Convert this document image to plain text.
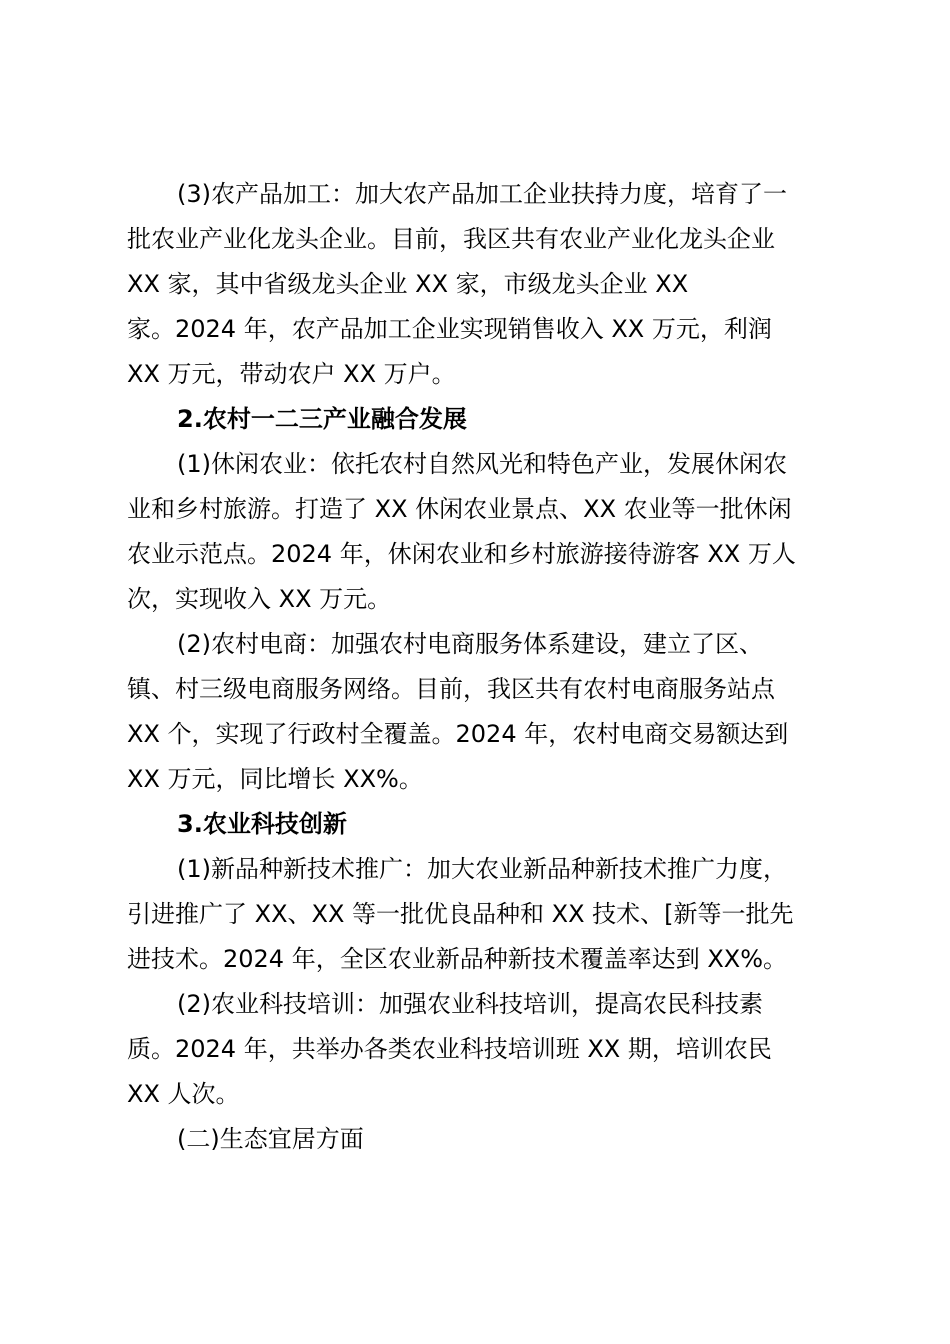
(3)农产品加工：加大农产品加工企业扶持力度，培育了一
批农业产业化龙头企业。目前，我区共有农业产业化龙头企业
XX 家，其中省级龙头企业 XX 家，市级龙头企业 XX
家。2024 年，农产品加工企业实现销售收入 XX 万元，利润
XX 万元，带动农户 XX 万户。
2.农村一二三产业融合发展
(1)休闲农业：依托农村自然风光和特色产业，发展休闲农
业和乡村旅游。打造了 XX 休闲农业景点、XX 农业等一批休闲
农业示范点。2024 年，休闲农业和乡村旅游接待游客 XX 万人
次，实现收入 XX 万元。
(2)农村电商：加强农村电商服务体系建设，建立了区、
镇、村三级电商服务网络。目前，我区共有农村电商服务站点
XX 个，实现了行政村全覆盖。2024 年，农村电商交易额达到
XX 万元，同比增长 XX%。
3.农业科技创新
(1)新品种新技术推广：加大农业新品种新技术推广力度，
引进推广了 XX、XX 等一批优良品种和 XX 技术、[新等一批先
进技术。2024 年，全区农业新品种新技术覆盖率达到 XX%。
(2)农业科技培训：加强农业科技培训，提高农民科技素
质。2024 年，共举办各类农业科技培训班 XX 期，培训农民
XX 人次。
(二)生态宜居方面
